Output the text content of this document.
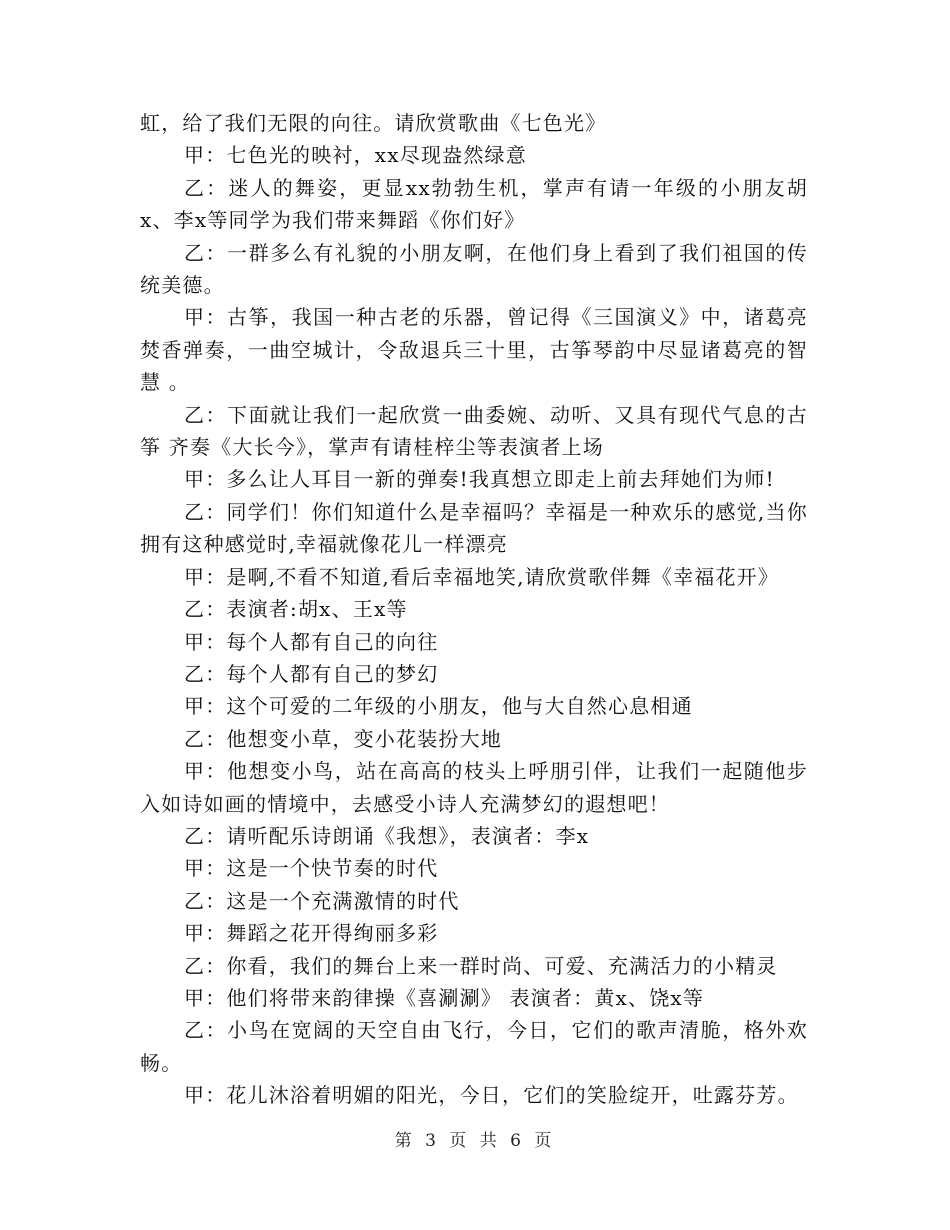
虹，给了我们无限的向往。请欣赏歌曲《七色光》

甲：七色光的映衬，xx尽现盎然绿意

乙：迷人的舞姿，更显xx勃勃生机，掌声有请一年级的小朋友胡x、李x等同学为我们带来舞蹈《你们好》

乙：一群多么有礼貌的小朋友啊，在他们身上看到了我们祖国的传统美德。

甲：古筝，我国一种古老的乐器，曾记得《三国演义》中，诸葛亮焚香弹奏，一曲空城计，令敌退兵三十里，古筝琴韵中尽显诸葛亮的智慧 。

乙：下面就让我们一起欣赏一曲委婉、动听、又具有现代气息的古筝 齐奏《大长今》，掌声有请桂梓尘等表演者上场

甲：多么让人耳目一新的弹奏!我真想立即走上前去拜她们为师!

乙：同学们！你们知道什么是幸福吗？幸福是一种欢乐的感觉,当你拥有这种感觉时,幸福就像花儿一样漂亮

甲：是啊,不看不知道,看后幸福地笑,请欣赏歌伴舞《幸福花开》

乙：表演者:胡x、王x等

甲：每个人都有自己的向往

乙：每个人都有自己的梦幻

甲：这个可爱的二年级的小朋友，他与大自然心息相通

乙：他想变小草，变小花装扮大地

甲：他想变小鸟，站在高高的枝头上呼朋引伴，让我们一起随他步入如诗如画的情境中，去感受小诗人充满梦幻的遐想吧！

乙：请听配乐诗朗诵《我想》，表演者：李x

甲：这是一个快节奏的时代

乙：这是一个充满激情的时代

甲：舞蹈之花开得绚丽多彩

乙：你看，我们的舞台上来一群时尚、可爱、充满活力的小精灵

甲：他们将带来韵律操《喜涮涮》 表演者：黄x、饶x等

乙：小鸟在宽阔的天空自由飞行，今日，它们的歌声清脆，格外欢畅。

甲：花儿沐浴着明媚的阳光，今日，它们的笑脸绽开，吐露芬芳。

第 3 页 共 6 页
